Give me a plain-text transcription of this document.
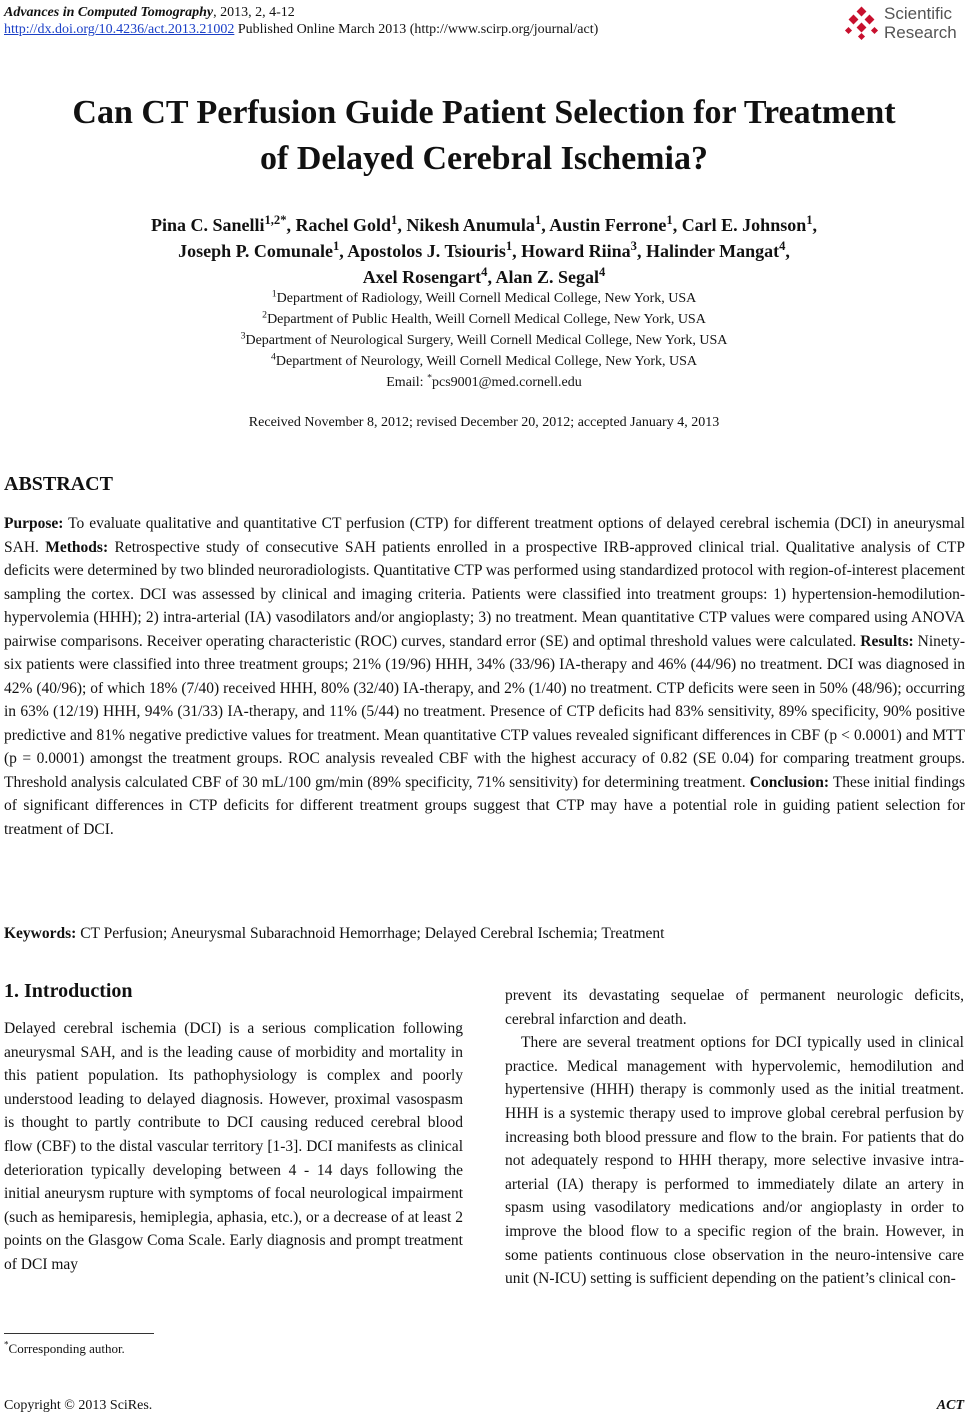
Advances in Computed Tomography, 2013, 2, 4-12
http://dx.doi.org/10.4236/act.2013.21002 Published Online March 2013 (http://www.scirp.org/journal/act)
Scientific
Research
Can CT Perfusion Guide Patient Selection for Treatment
of Delayed Cerebral Ischemia?
Pina C. Sanelli$^{1,2*}$, Rachel Gold$^1$, Nikesh Anumula$^1$, Austin Ferrone$^1$, Carl E. Johnson$^1$,
Joseph P. Comunale$^1$, Apostolos J. Tsiouris$^1$, Howard Riina$^3$, Halinder Mangat$^4$,
Axel Rosengart$^4$, Alan Z. Segal$^4$
$^1$Department of Radiology, Weill Cornell Medical College, New York, USA
$^2$Department of Public Health, Weill Cornell Medical College, New York, USA
$^3$Department of Neurological Surgery, Weill Cornell Medical College, New York, USA
$^4$Department of Neurology, Weill Cornell Medical College, New York, USA
Email: *pcs9001@med.cornell.edu
Received November 8, 2012; revised December 20, 2012; accepted January 4, 2013
ABSTRACT
Purpose: To evaluate qualitative and quantitative CT perfusion (CTP) for different treatment options of delayed cerebral ischemia (DCI) in aneurysmal SAH. Methods: Retrospective study of consecutive SAH patients enrolled in a prospective IRB-approved clinical trial. Qualitative analysis of CTP deficits were determined by two blinded neuroradiologists. Quantitative CTP was performed using standardized protocol with region-of-interest placement sampling the cortex. DCI was assessed by clinical and imaging criteria. Patients were classified into treatment groups: 1) hypertension-hemodilution-hypervolemia (HHH); 2) intra-arterial (IA) vasodilators and/or angioplasty; 3) no treatment. Mean quantitative CTP values were compared using ANOVA pairwise comparisons. Receiver operating characteristic (ROC) curves, standard error (SE) and optimal threshold values were calculated. Results: Ninety-six patients were classified into three treatment groups; 21% (19/96) HHH, 34% (33/96) IA-therapy and 46% (44/96) no treatment. DCI was diagnosed in 42% (40/96); of which 18% (7/40) received HHH, 80% (32/40) IA-therapy, and 2% (1/40) no treatment. CTP deficits were seen in 50% (48/96); occurring in 63% (12/19) HHH, 94% (31/33) IA-therapy, and 11% (5/44) no treatment. Presence of CTP deficits had 83% sensitivity, 89% specificity, 90% positive predictive and 81% negative predictive values for treatment. Mean quantitative CTP values revealed significant differences in CBF (p < 0.0001) and MTT (p = 0.0001) amongst the treatment groups. ROC analysis revealed CBF with the highest accuracy of 0.82 (SE 0.04) for comparing treatment groups. Threshold analysis calculated CBF of 30 mL/100 gm/min (89% specificity, 71% sensitivity) for determining treatment. Conclusion: These initial findings of significant differences in CTP deficits for different treatment groups suggest that CTP may have a potential role in guiding patient selection for treatment of DCI.
Keywords: CT Perfusion; Aneurysmal Subarachnoid Hemorrhage; Delayed Cerebral Ischemia; Treatment
1. Introduction

Delayed cerebral ischemia (DCI) is a serious complication following aneurysmal SAH, and is the leading cause of morbidity and mortality in this patient population. Its pathophysiology is complex and poorly understood leading to delayed diagnosis. However, proximal vasospasm is thought to partly contribute to DCI causing reduced cerebral blood flow (CBF) to the distal vascular territory [1-3]. DCI manifests as clinical deterioration typically developing between 4 - 14 days following the initial aneurysm rupture with symptoms of focal neurological impairment (such as hemiparesis, hemiplegia, aphasia, etc.), or a decrease of at least 2 points on the Glasgow Coma Scale. Early diagnosis and prompt treatment of DCI may

prevent its devastating sequelae of permanent neurologic deficits, cerebral infarction and death.

There are several treatment options for DCI typically used in clinical practice. Medical management with hypervolemic, hemodilution and hypertensive (HHH) therapy is commonly used as the initial treatment. HHH is a systemic therapy used to improve global cerebral perfusion by increasing both blood pressure and flow to the brain. For patients that do not adequately respond to HHH therapy, more selective invasive intra-arterial (IA) therapy is performed to immediately dilate an artery in spasm using vasodilatory medications and/or angioplasty in order to improve the blood flow to a specific region of the brain. However, in some patients continuous close observation in the neuro-intensive care unit (N-ICU) setting is sufficient depending on the patient’s clinical con-

*Corresponding author.
Copyright © 2013 SciRes.	ACT
